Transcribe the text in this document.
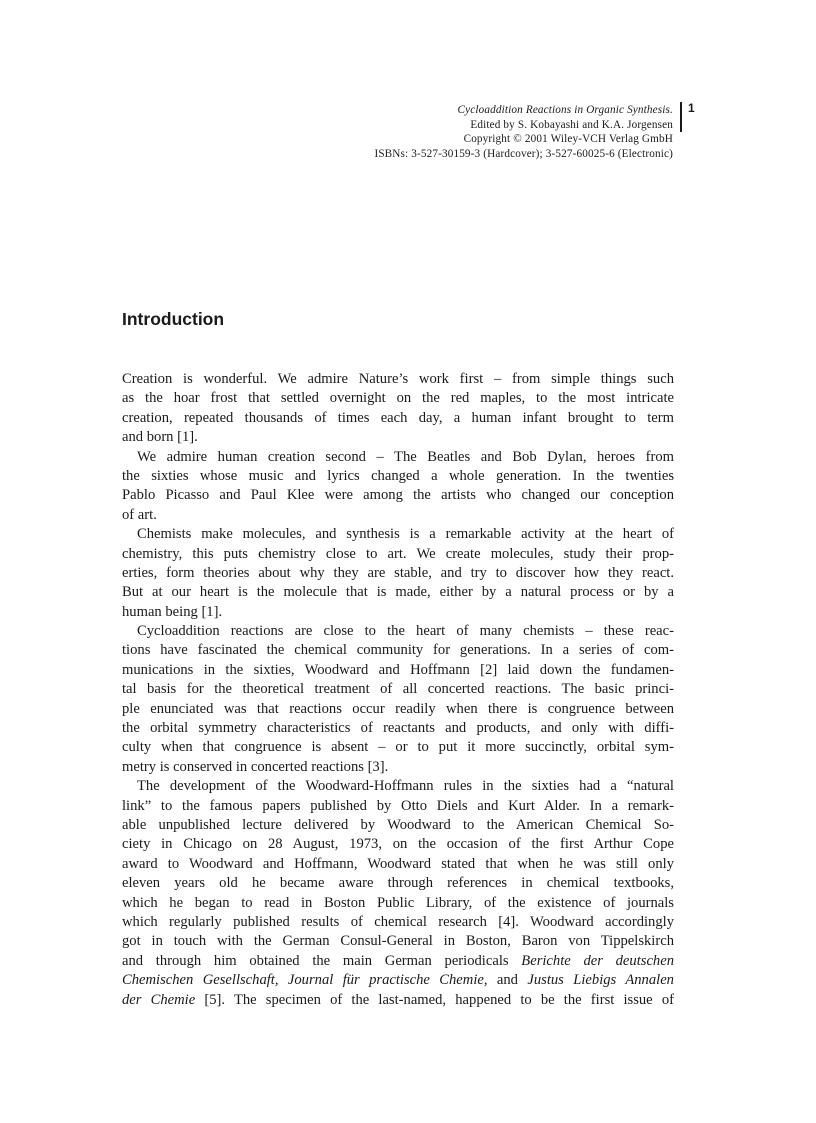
Cycloaddition Reactions in Organic Synthesis.
Edited by S. Kobayashi and K.A. Jorgensen
Copyright © 2001 Wiley-VCH Verlag GmbH
ISBNs: 3-527-30159-3 (Hardcover); 3-527-60025-6 (Electronic)
1
Introduction
Creation is wonderful. We admire Nature’s work first – from simple things such
as the hoar frost that settled overnight on the red maples, to the most intricate
creation, repeated thousands of times each day, a human infant brought to term
and born [1].
We admire human creation second – The Beatles and Bob Dylan, heroes from
the sixties whose music and lyrics changed a whole generation. In the twenties
Pablo Picasso and Paul Klee were among the artists who changed our conception
of art.
Chemists make molecules, and synthesis is a remarkable activity at the heart of
chemistry, this puts chemistry close to art. We create molecules, study their prop-
erties, form theories about why they are stable, and try to discover how they react.
But at our heart is the molecule that is made, either by a natural process or by a
human being [1].
Cycloaddition reactions are close to the heart of many chemists – these reac-
tions have fascinated the chemical community for generations. In a series of com-
munications in the sixties, Woodward and Hoffmann [2] laid down the fundamen-
tal basis for the theoretical treatment of all concerted reactions. The basic princi-
ple enunciated was that reactions occur readily when there is congruence between
the orbital symmetry characteristics of reactants and products, and only with diffi-
culty when that congruence is absent – or to put it more succinctly, orbital sym-
metry is conserved in concerted reactions [3].
The development of the Woodward-Hoffmann rules in the sixties had a “natural
link” to the famous papers published by Otto Diels and Kurt Alder. In a remark-
able unpublished lecture delivered by Woodward to the American Chemical So-
ciety in Chicago on 28 August, 1973, on the occasion of the first Arthur Cope
award to Woodward and Hoffmann, Woodward stated that when he was still only
eleven years old he became aware through references in chemical textbooks,
which he began to read in Boston Public Library, of the existence of journals
which regularly published results of chemical research [4]. Woodward accordingly
got in touch with the German Consul-General in Boston, Baron von Tippelskirch
and through him obtained the main German periodicals Berichte der deutschen
Chemischen Gesellschaft, Journal für practische Chemie, and Justus Liebigs Annalen
der Chemie [5]. The specimen of the last-named, happened to be the first issue of
